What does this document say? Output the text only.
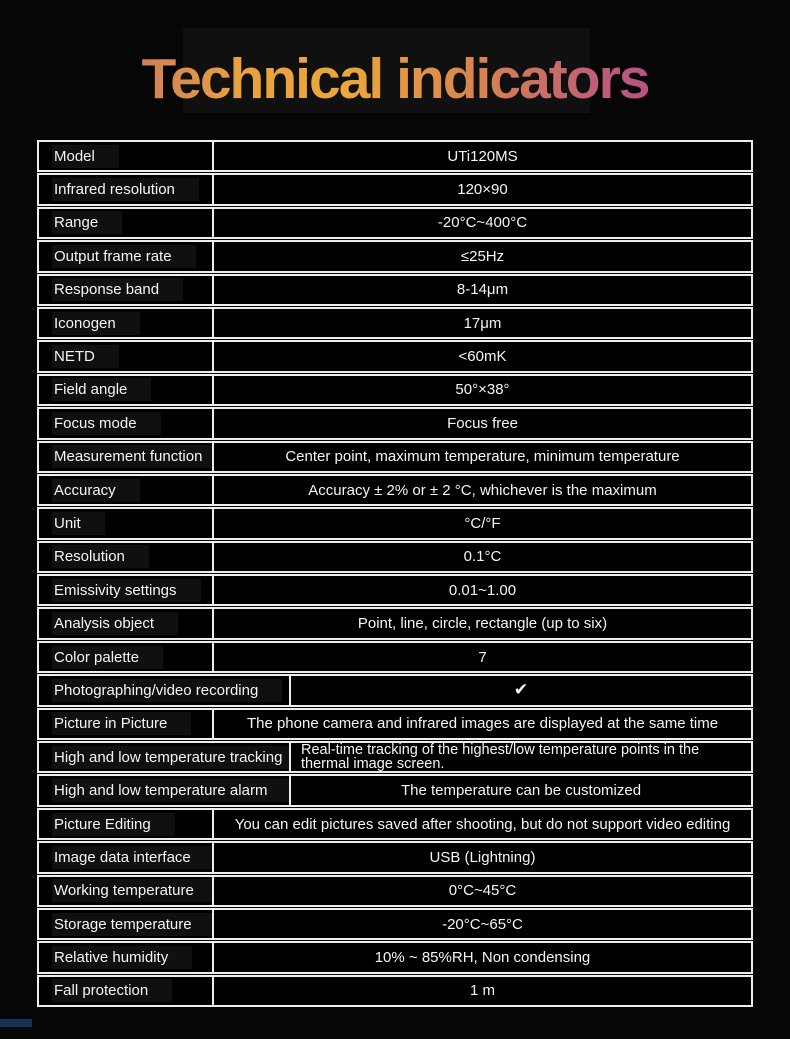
Technical indicators
Model	UTi120MS
Infrared resolution	120×90
Range	-20°C~400°C
Output frame rate	≤25Hz
Response band	8-14μm
Iconogen	17μm
NETD	<60mK
Field angle	50°×38°
Focus mode	Focus free
Measurement function	Center point, maximum temperature, minimum temperature
Accuracy	Accuracy ± 2% or ± 2 °C, whichever is the maximum
Unit	°C/°F
Resolution	0.1°C
Emissivity settings	0.01~1.00
Analysis object	Point, line, circle, rectangle (up to six)
Color palette	7
Photographing/video recording	✔
Picture in Picture	The phone camera and infrared images are displayed at the same time
High and low temperature tracking	Real-time tracking of the highest/low temperature points in the thermal image screen.
High and low temperature alarm	The temperature can be customized
Picture Editing	You can edit pictures saved after shooting, but do not support video editing
Image data interface	USB (Lightning)
Working temperature	0°C~45°C
Storage temperature	-20°C~65°C
Relative humidity	10% ~ 85%RH, Non condensing
Fall protection	1 m
